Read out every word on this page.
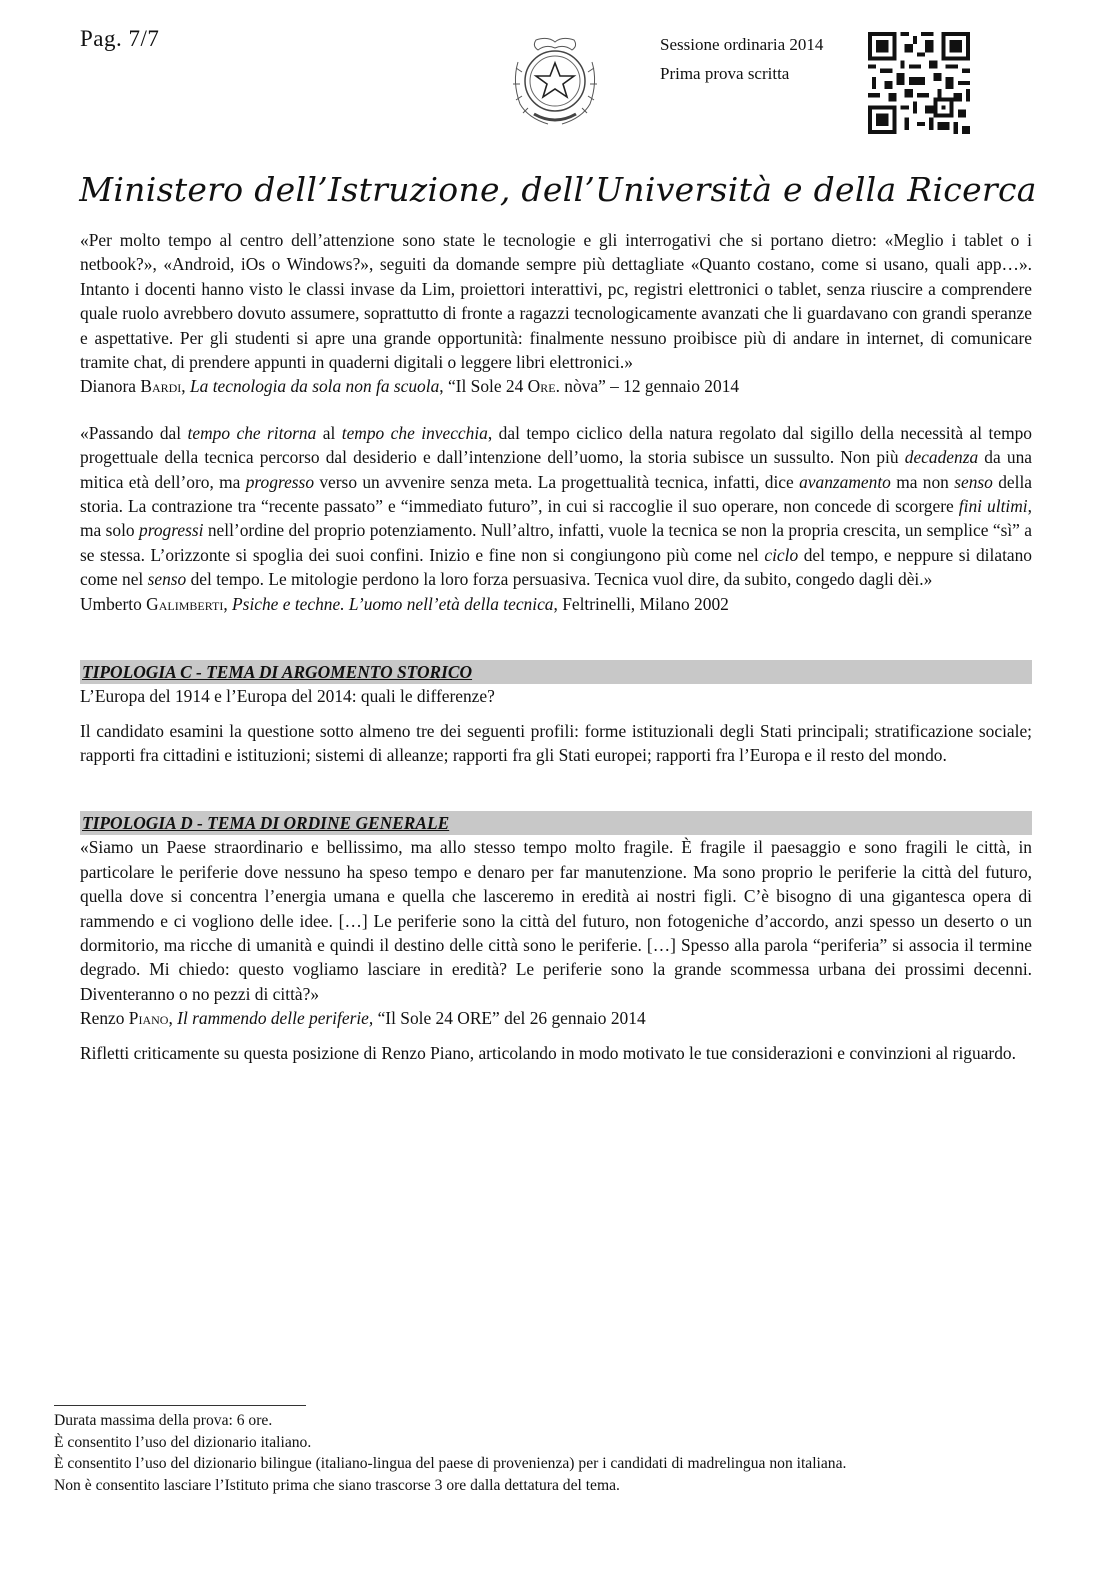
Pag. 7/7	Sessione ordinaria 2014
Prima prova scritta
Ministero dell’Istruzione, dell’Università e della Ricerca

«Per molto tempo al centro dell’attenzione sono state le tecnologie e gli interrogativi che si portano dietro: «Meglio i tablet o i netbook?», «Android, iOs o Windows?», seguiti da domande sempre più dettagliate «Quanto costano, come si usano, quali app…». Intanto i docenti hanno visto le classi invase da Lim, proiettori interattivi, pc, registri elettronici o tablet, senza riuscire a comprendere quale ruolo avrebbero dovuto assumere, soprattutto di fronte a ragazzi tecnologicamente avanzati che li guardavano con grandi speranze e aspettative. Per gli studenti si apre una grande opportunità: finalmente nessuno proibisce più di andare in internet, di comunicare tramite chat, di prendere appunti in quaderni digitali o leggere libri elettronici.»

Dianora Bardi, La tecnologia da sola non fa scuola, “Il Sole 24 Ore. nòva” – 12 gennaio 2014

«Passando dal tempo che ritorna al tempo che invecchia, dal tempo ciclico della natura regolato dal sigillo della necessità al tempo progettuale della tecnica percorso dal desiderio e dall’intenzione dell’uomo, la storia subisce un sussulto. Non più decadenza da una mitica età dell’oro, ma progresso verso un avvenire senza meta. La progettualità tecnica, infatti, dice avanzamento ma non senso della storia. La contrazione tra “recente passato” e “immediato futuro”, in cui si raccoglie il suo operare, non concede di scorgere fini ultimi, ma solo progressi nell’ordine del proprio potenziamento. Null’altro, infatti, vuole la tecnica se non la propria crescita, un semplice “sì” a se stessa. L’orizzonte si spoglia dei suoi confini. Inizio e fine non si congiungono più come nel ciclo del tempo, e neppure si dilatano come nel senso del tempo. Le mitologie perdono la loro forza persuasiva. Tecnica vuol dire, da subito, congedo dagli dèi.»

Umberto Galimberti, Psiche e techne. L’uomo nell’età della tecnica, Feltrinelli, Milano 2002

TIPOLOGIA C - TEMA DI ARGOMENTO STORICO

L’Europa del 1914 e l’Europa del 2014: quali le differenze?

Il candidato esamini la questione sotto almeno tre dei seguenti profili: forme istituzionali degli Stati principali; stratificazione sociale; rapporti fra cittadini e istituzioni; sistemi di alleanze; rapporti fra gli Stati europei; rapporti fra l’Europa e il resto del mondo.

TIPOLOGIA D - TEMA DI ORDINE GENERALE

«Siamo un Paese straordinario e bellissimo, ma allo stesso tempo molto fragile. È fragile il paesaggio e sono fragili le città, in particolare le periferie dove nessuno ha speso tempo e denaro per far manutenzione. Ma sono proprio le periferie la città del futuro, quella dove si concentra l’energia umana e quella che lasceremo in eredità ai nostri figli. C’è bisogno di una gigantesca opera di rammendo e ci vogliono delle idee. […] Le periferie sono la città del futuro, non fotogeniche d’accordo, anzi spesso un deserto o un dormitorio, ma ricche di umanità e quindi il destino delle città sono le periferie. […] Spesso alla parola “periferia” si associa il termine degrado. Mi chiedo: questo vogliamo lasciare in eredità? Le periferie sono la grande scommessa urbana dei prossimi decenni. Diventeranno o no pezzi di città?»

Renzo Piano, Il rammendo delle periferie, “Il Sole 24 ORE” del 26 gennaio 2014

Rifletti criticamente su questa posizione di Renzo Piano, articolando in modo motivato le tue considerazioni e convinzioni al riguardo.

Durata massima della prova: 6 ore.
È consentito l’uso del dizionario italiano.
È consentito l’uso del dizionario bilingue (italiano-lingua del paese di provenienza) per i candidati di madrelingua non italiana.
Non è consentito lasciare l’Istituto prima che siano trascorse 3 ore dalla dettatura del tema.
